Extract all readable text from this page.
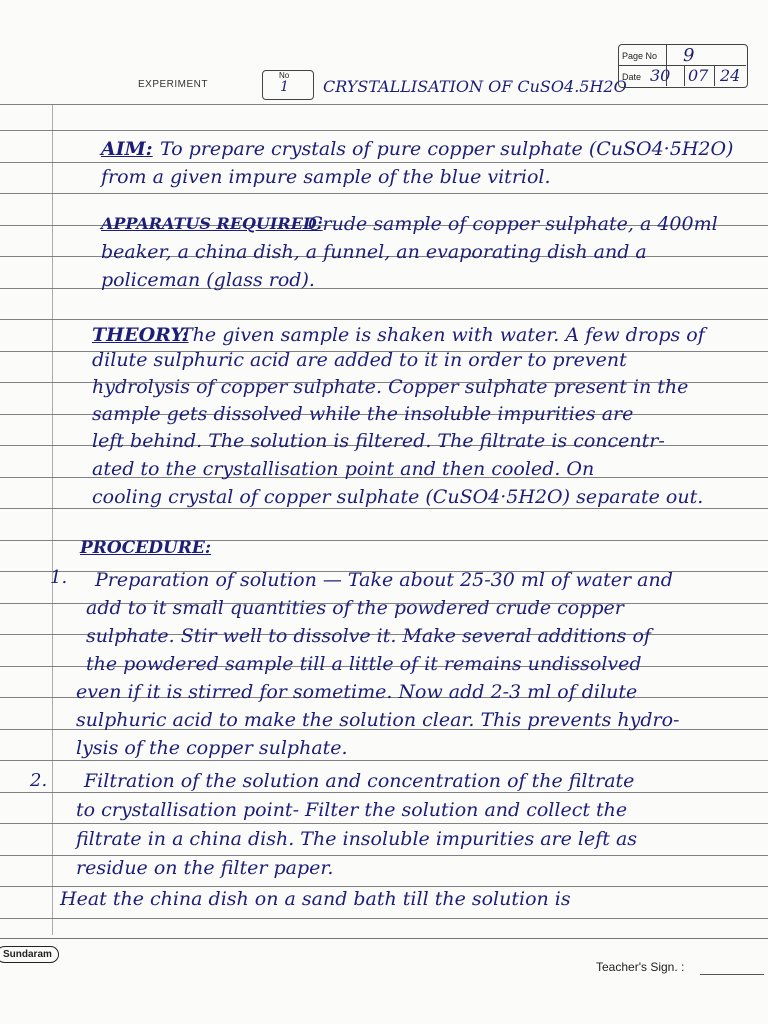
EXPERIMENT
No
1 CRYSTALLISATION OF CuSO4.5H2O
Page No 9
Date 30 07 24
AIM: To prepare crystals of pure copper sulphate (CuSO4·5H2O)
from a given impure sample of the blue vitriol.
APPARATUS REQUIRED:
Crude sample of copper sulphate, a 400ml
beaker, a china dish, a funnel, an evaporating dish and a
policeman (glass rod).
THEORY:
The given sample is shaken with water. A few drops of
dilute sulphuric acid are added to it in order to prevent
hydrolysis of copper sulphate. Copper sulphate present in the
sample gets dissolved while the insoluble impurities are
left behind. The solution is filtered. The filtrate is concentr-
ated to the crystallisation point and then cooled. On
cooling crystal of copper sulphate (CuSO4·5H2O) separate out.
PROCEDURE:
1. Preparation of solution — Take about 25-30 ml of water and
add to it small quantities of the powdered crude copper
sulphate. Stir well to dissolve it. Make several additions of
the powdered sample till a little of it remains undissolved
even if it is stirred for sometime. Now add 2-3 ml of dilute
sulphuric acid to make the solution clear. This prevents hydro-
lysis of the copper sulphate.
2. Filtration of the solution and concentration of the filtrate
to crystallisation point- Filter the solution and collect the
filtrate in a china dish. The insoluble impurities are left as
residue on the filter paper.
Heat the china dish on a sand bath till the solution is
Sundaram
Teacher's Sign. :
